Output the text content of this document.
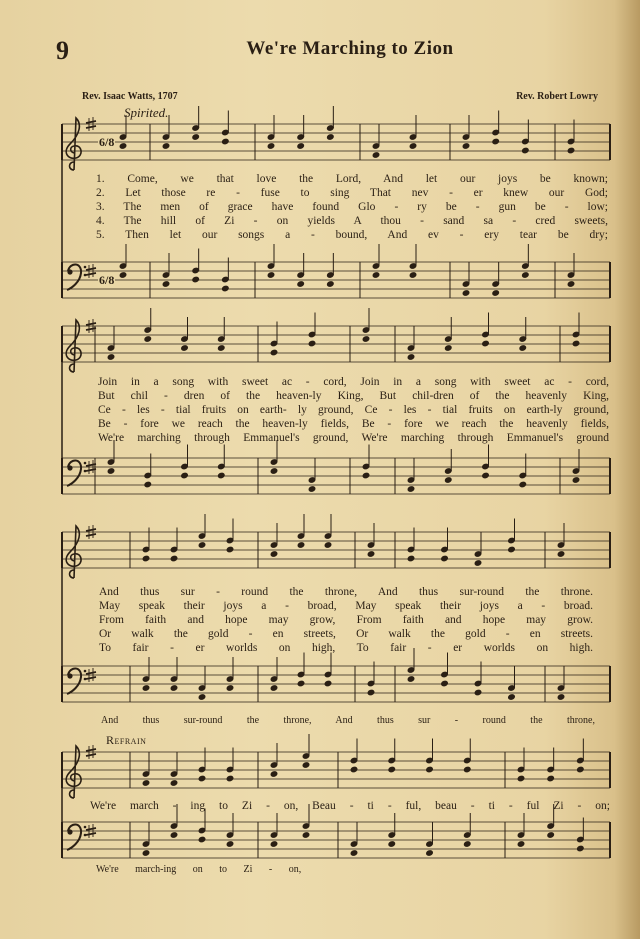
9	We're Marching to Zion
Rev. Isaac Watts, 1707	Rev. Robert Lowry
Spirited.
6/8
6/8
1. Come, we that love the Lord, And let our joys be known;
2. Let those re - fuse to sing That nev - er knew our God;
3. The men of grace have found Glo - ry be - gun be - low;
4. The hill of Zi - on yields A thou - sand sa - cred sweets,
5. Then let our songs a - bound, And ev - ery tear be dry;
Join in a song with sweet ac - cord, Join in a song with sweet ac - cord,
But chil - dren of the heaven-ly King, But chil-dren of the heavenly King,
Ce - les - tial fruits on earth- ly ground, Ce - les - tial fruits on earth-ly ground,
Be - fore we reach the heaven-ly fields, Be - fore we reach the heavenly fields,
We're marching through Emmanuel's ground, We're marching through Emmanuel's ground
And thus sur - round the throne, And thus sur-round the throne.
May speak their joys a - broad, May speak their joys a - broad.
From faith and hope may grow, From faith and hope may grow.
Or walk the gold - en streets, Or walk the gold - en streets.
To fair - er worlds on high, To fair - er worlds on high.
And thus sur-round the throne, And thus sur - round the throne,
Refrain
We're march - ing to Zi - on, Beau - ti - ful, beau - ti - ful Zi - on;
We're march-ing on to Zi - on,
